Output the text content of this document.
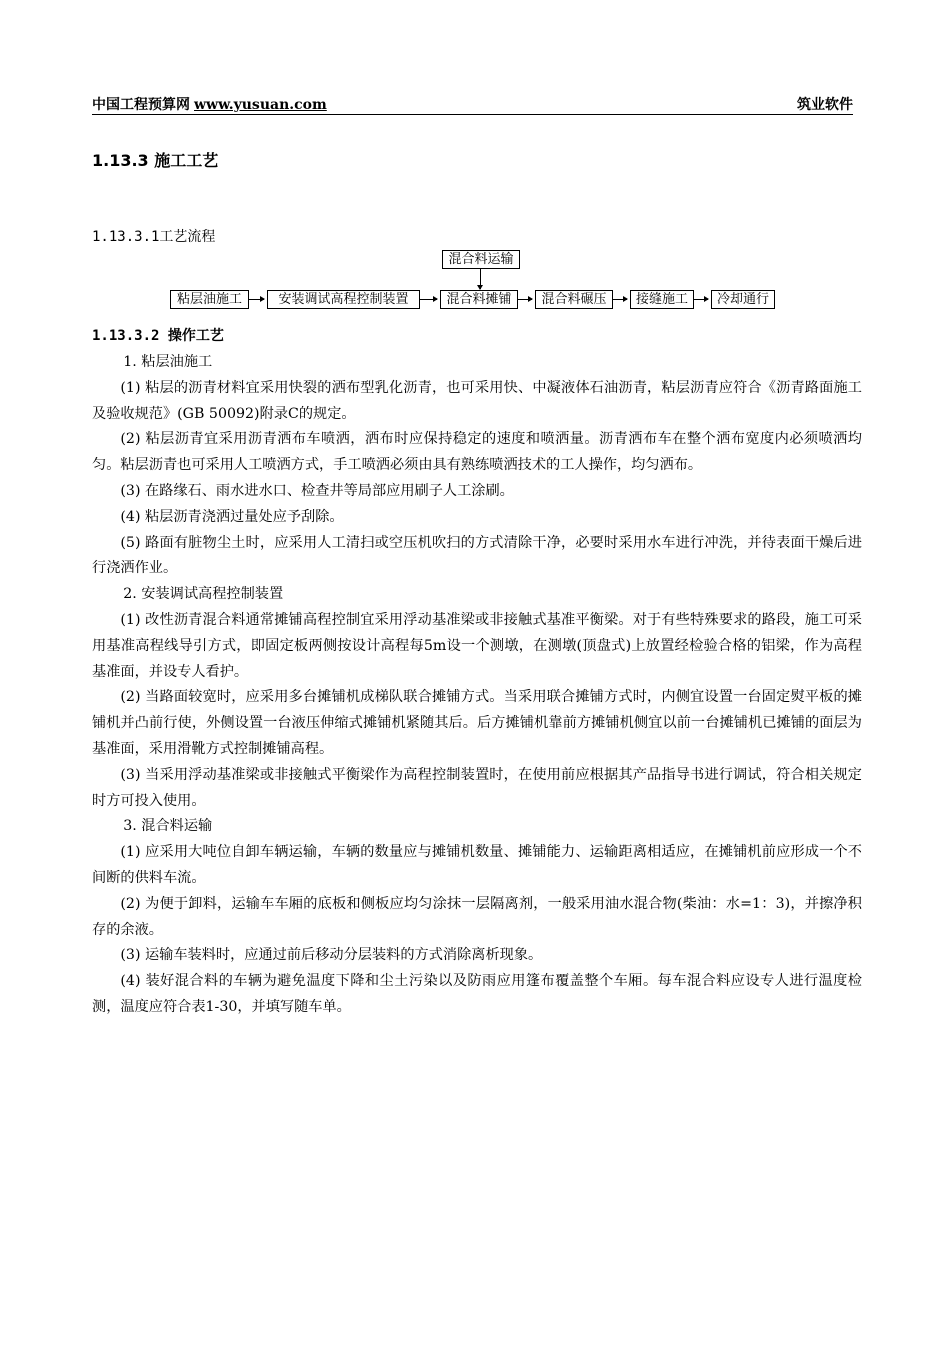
中国工程预算网 www.yusuan.com	筑业软件
1.13.3 施工工艺
1.13.3.1工艺流程
混合料运输
粘层油施工	安装调试高程控制装置	混合料摊铺	混合料碾压	接缝施工	冷却通行
1.13.3.2 操作工艺

1. 粘层油施工

(1) 粘层的沥青材料宜采用快裂的洒布型乳化沥青，也可采用快、中凝液体石油沥青，粘层沥青应符合《沥青路面施工及验收规范》(GB 50092)附录C的规定。

(2) 粘层沥青宜采用沥青洒布车喷洒，洒布时应保持稳定的速度和喷洒量。沥青洒布车在整个洒布宽度内必须喷洒均匀。粘层沥青也可采用人工喷洒方式，手工喷洒必须由具有熟练喷洒技术的工人操作，均匀洒布。

(3) 在路缘石、雨水进水口、检查井等局部应用刷子人工涂刷。

(4) 粘层沥青浇洒过量处应予刮除。

(5) 路面有脏物尘土时，应采用人工清扫或空压机吹扫的方式清除干净，必要时采用水车进行冲洗，并待表面干燥后进行浇洒作业。

2. 安装调试高程控制装置

(1) 改性沥青混合料通常摊铺高程控制宜采用浮动基准梁或非接触式基准平衡梁。对于有些特殊要求的路段，施工可采用基准高程线导引方式，即固定板两侧按设计高程每5m设一个测墩，在测墩(顶盘式)上放置经检验合格的铝梁，作为高程基准面，并设专人看护。

(2) 当路面较宽时，应采用多台摊铺机成梯队联合摊铺方式。当采用联合摊铺方式时，内侧宜设置一台固定熨平板的摊铺机并凸前行使，外侧设置一台液压伸缩式摊铺机紧随其后。后方摊铺机靠前方摊铺机侧宜以前一台摊铺机已摊铺的面层为基准面，采用滑靴方式控制摊铺高程。

(3) 当采用浮动基准梁或非接触式平衡梁作为高程控制装置时，在使用前应根据其产品指导书进行调试，符合相关规定时方可投入使用。

3. 混合料运输

(1) 应采用大吨位自卸车辆运输，车辆的数量应与摊铺机数量、摊铺能力、运输距离相适应，在摊铺机前应形成一个不间断的供料车流。

(2) 为便于卸料，运输车车厢的底板和侧板应均匀涂抹一层隔离剂，一般采用油水混合物(柴油：水=1：3)，并擦净积存的余液。

(3) 运输车装料时，应通过前后移动分层装料的方式消除离析现象。

(4) 装好混合料的车辆为避免温度下降和尘土污染以及防雨应用篷布覆盖整个车厢。每车混合料应设专人进行温度检测，温度应符合表1-30，并填写随车单。
